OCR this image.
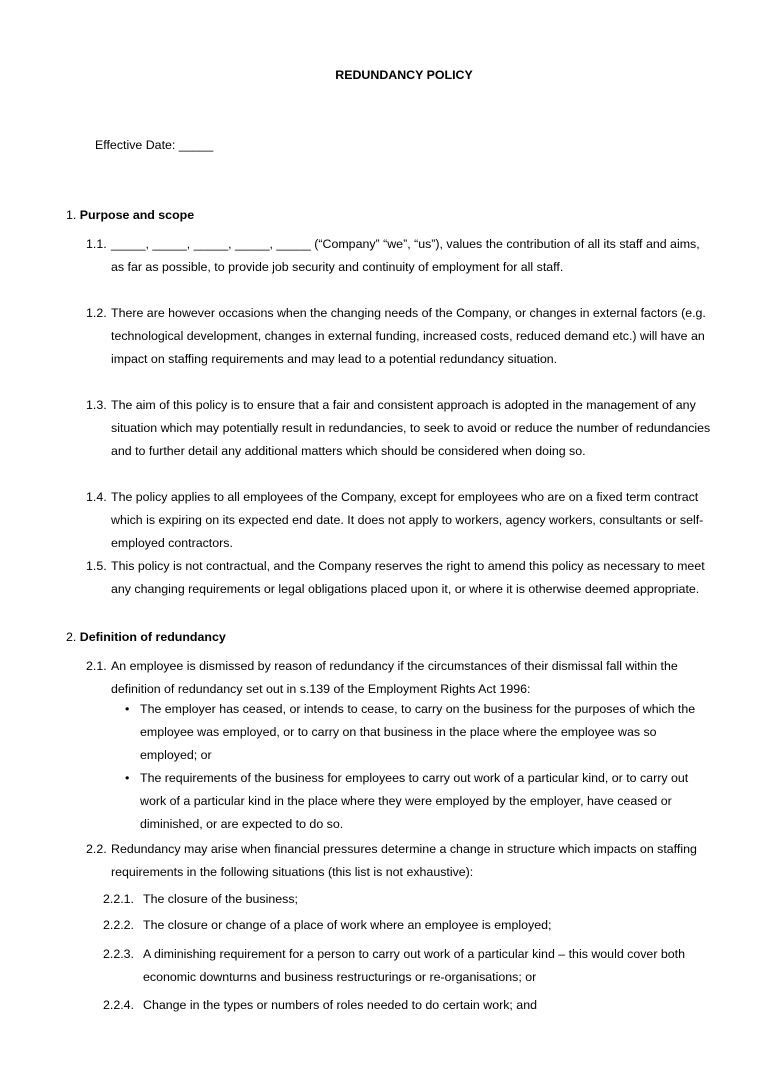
REDUNDANCY POLICY
Effective Date: _____
1. Purpose and scope
1.1. _____, _____, _____, _____, _____ (“Company” “we”, “us”), values the contribution of all its staff and aims, as far as possible, to provide job security and continuity of employment for all staff.
1.2. There are however occasions when the changing needs of the Company, or changes in external factors (e.g. technological development, changes in external funding, increased costs, reduced demand etc.) will have an impact on staffing requirements and may lead to a potential redundancy situation.
1.3. The aim of this policy is to ensure that a fair and consistent approach is adopted in the management of any situation which may potentially result in redundancies, to seek to avoid or reduce the number of redundancies and to further detail any additional matters which should be considered when doing so.
1.4. The policy applies to all employees of the Company, except for employees who are on a fixed term contract which is expiring on its expected end date. It does not apply to workers, agency workers, consultants or self-employed contractors.
1.5. This policy is not contractual, and the Company reserves the right to amend this policy as necessary to meet any changing requirements or legal obligations placed upon it, or where it is otherwise deemed appropriate.
2. Definition of redundancy
2.1. An employee is dismissed by reason of redundancy if the circumstances of their dismissal fall within the definition of redundancy set out in s.139 of the Employment Rights Act 1996:
• The employer has ceased, or intends to cease, to carry on the business for the purposes of which the employee was employed, or to carry on that business in the place where the employee was so employed; or
• The requirements of the business for employees to carry out work of a particular kind, or to carry out work of a particular kind in the place where they were employed by the employer, have ceased or diminished, or are expected to do so.
2.2. Redundancy may arise when financial pressures determine a change in structure which impacts on staffing requirements in the following situations (this list is not exhaustive):
2.2.1. The closure of the business;
2.2.2. The closure or change of a place of work where an employee is employed;
2.2.3. A diminishing requirement for a person to carry out work of a particular kind – this would cover both economic downturns and business restructurings or re-organisations; or
2.2.4. Change in the types or numbers of roles needed to do certain work; and
